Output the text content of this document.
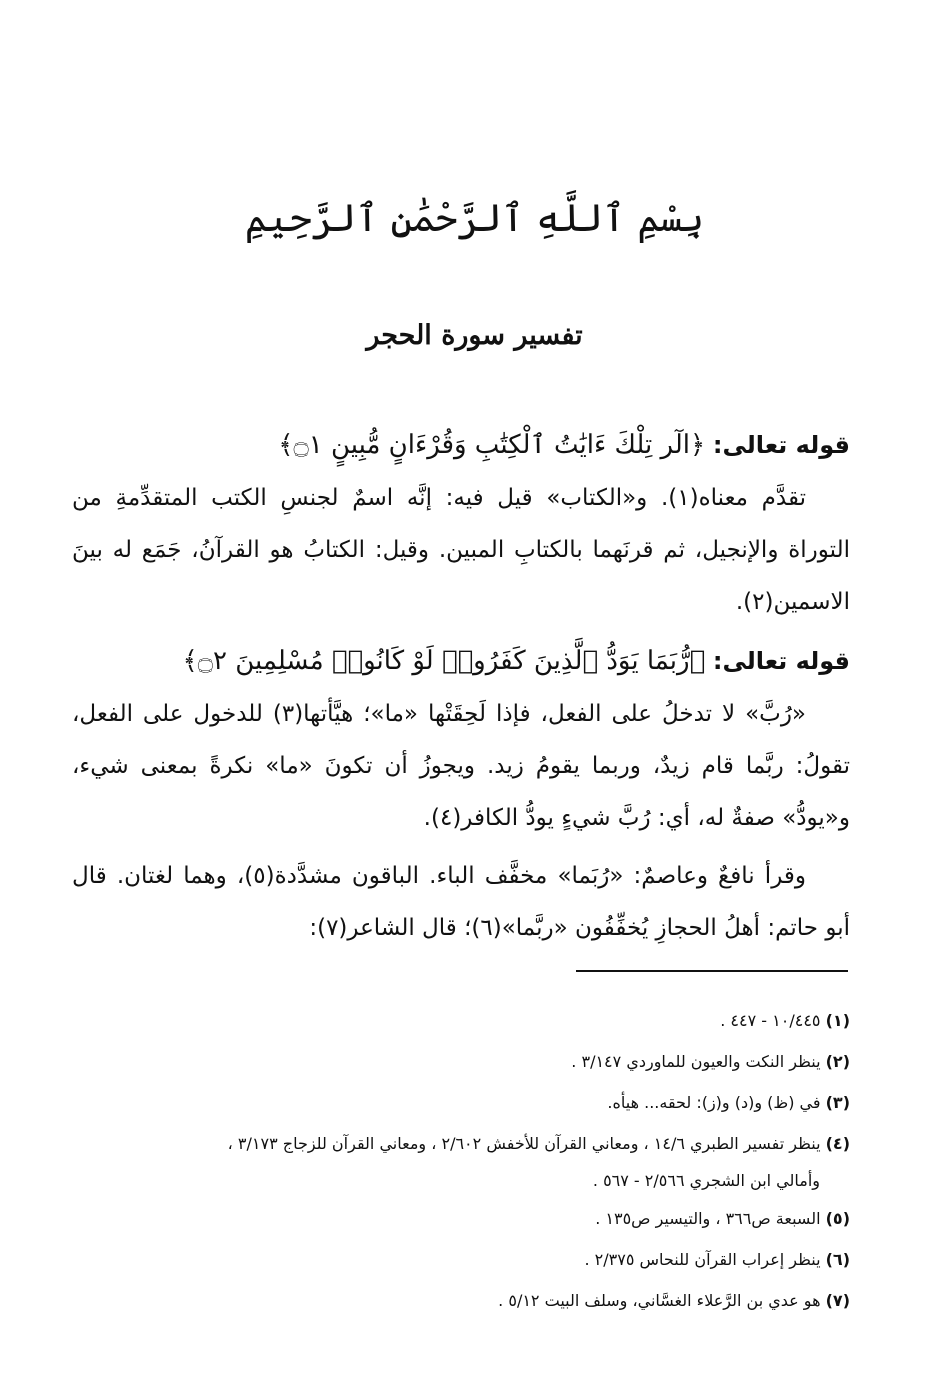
بِسْمِ ٱللَّهِ ٱلرَّحْمَٰنِ ٱلرَّحِيمِ
تفسير سورة الحجر
قوله تعالى: ﴿الٓر تِلْكَ ءَايَٰتُ ٱلْكِتَٰبِ وَقُرْءَانٍ مُّبِينٍ ۝١﴾

تقدَّم معناه(١). و«الكتاب» قيل فيه: إنَّه اسمٌ لجنسِ الكتب المتقدِّمةِ من التوراة والإنجيل، ثم قرنَهما بالكتابِ المبين. وقيل: الكتابُ هو القرآنُ، جَمَع له بينَ الاسمين(٢).

قوله تعالى: ﴿رُّبَمَا يَوَدُّ ٱلَّذِينَ كَفَرُوا۟ لَوْ كَانُوا۟ مُسْلِمِينَ ۝٢﴾

«رُبَّ» لا تدخلُ على الفعل، فإذا لَحِقَتْها «ما»؛ هيَّأتها(٣) للدخول على الفعل، تقولُ: ربَّما قام زيدٌ، وربما يقومُ زيد. ويجوزُ أن تكونَ «ما» نكرةً بمعنى شيء، و«يودُّ» صفةٌ له، أي: رُبَّ شيءٍ يودُّ الكافر(٤).

وقرأ نافعٌ وعاصمٌ: «رُبَما» مخفَّف الباء. الباقون مشدَّدة(٥)، وهما لغتان. قال أبو حاتم: أهلُ الحجازِ يُخفِّفُون «ربَّما»(٦)؛ قال الشاعر(٧):

(١) ١٠/٤٤٥ - ٤٤٧ .

(٢) ينظر النكت والعيون للماوردي ٣/١٤٧ .

(٣) في (ظ) و(د) و(ز): لحقه... هيأه.

(٤) ينظر تفسير الطبري ١٤/٦ ، ومعاني القرآن للأخفش ٢/٦٠٢ ، ومعاني القرآن للزجاج ٣/١٧٣ ،

وأمالي ابن الشجري ٢/٥٦٦ - ٥٦٧ .

(٥) السبعة ص٣٦٦ ، والتيسير ص١٣٥ .

(٦) ينظر إعراب القرآن للنحاس ٢/٣٧٥ .

(٧) هو عدي بن الرَّعلاء الغسَّاني، وسلف البيت ٥/١٢ .
